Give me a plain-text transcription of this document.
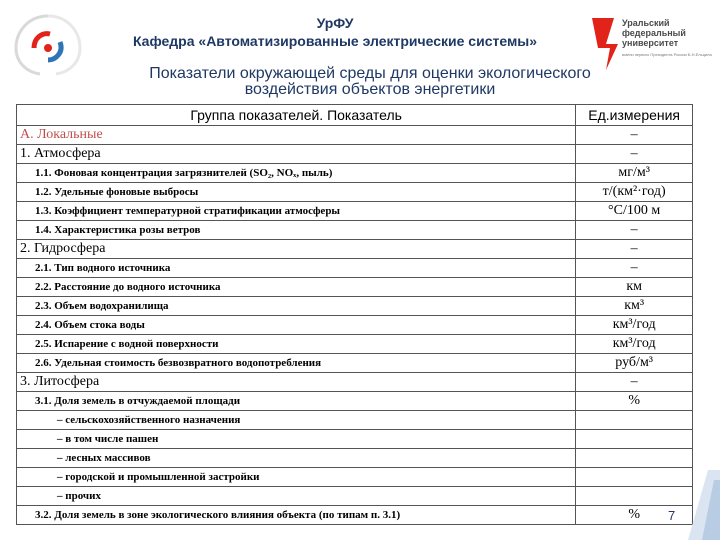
УрФУ
Кафедра «Автоматизированные электрические системы»
Уральский
федеральный
университет
имени первого Президента России Б.Н.Ельцина
Показатели окружающей среды для оценки экологического
воздействия объектов энергетики
Группа показателей. Показатель	Ед.измерения
А. Локальные	–
1. Атмосфера	–
1.1. Фоновая концентрация загрязнителей (SO₂, NOₓ, пыль)	мг/м³
1.2. Удельные фоновые выбросы	т/(км²·год)
1.3. Коэффициент температурной стратификации атмосферы	°С/100 м
1.4. Характеристика розы ветров	–
2. Гидросфера	–
2.1. Тип водного источника	–
2.2. Расстояние до водного источника	км
2.3. Объем водохранилища	км³
2.4. Объем стока воды	км³/год
2.5. Испарение с водной поверхности	км³/год
2.6. Удельная стоимость безвозвратного водопотребления	руб/м³
3. Литосфера	–
3.1. Доля земель в отчуждаемой площади	%
– сельскохозяйственного назначения	
– в том числе пашен	
– лесных массивов	
– городской и промышленной застройки	
– прочих	
3.2. Доля земель в зоне экологического влияния объекта (по типам п. 3.1)	% 7
